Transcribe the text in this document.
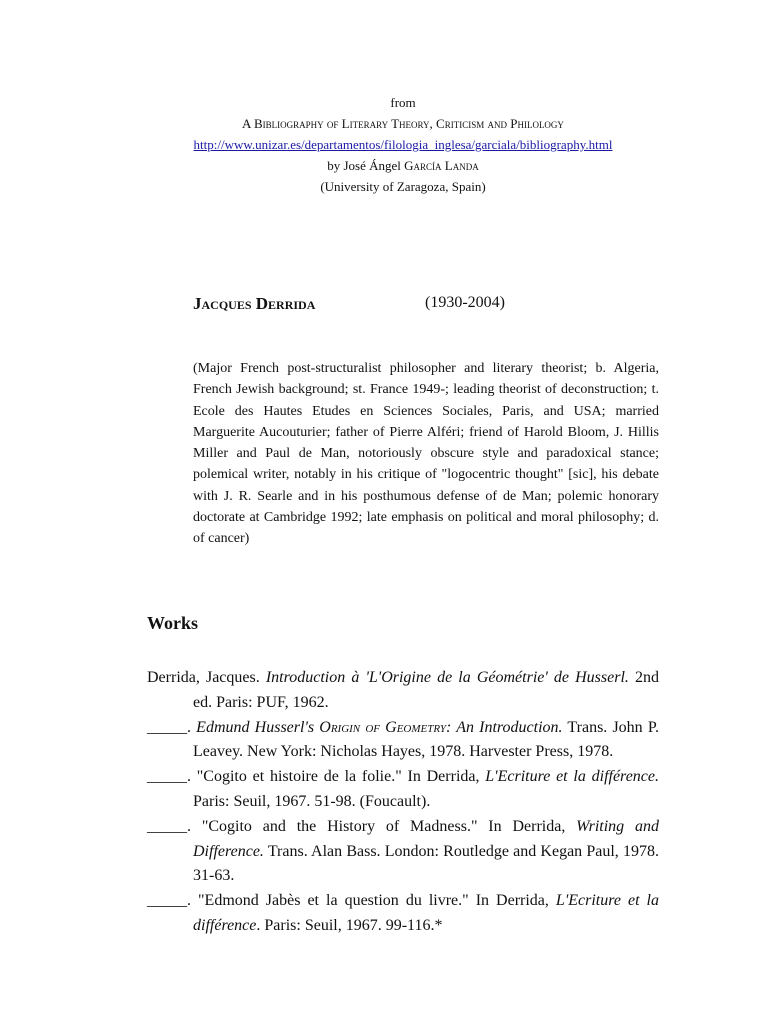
from
A Bibliography of Literary Theory, Criticism and Philology
http://www.unizar.es/departamentos/filologia_inglesa/garciala/bibliography.html
by José Ángel García Landa
(University of Zaragoza, Spain)
Jacques Derrida	(1930-2004)
(Major French post-structuralist philosopher and literary theorist; b. Algeria, French Jewish background; st. France 1949-; leading theorist of deconstruction; t. Ecole des Hautes Etudes en Sciences Sociales, Paris, and USA; married Marguerite Aucouturier; father of Pierre Alféri; friend of Harold Bloom, J. Hillis Miller and Paul de Man, notoriously obscure style and paradoxical stance; polemical writer, notably in his critique of "logocentric thought" [sic], his debate with J. R. Searle and in his posthumous defense of de Man; polemic honorary doctorate at Cambridge 1992; late emphasis on political and moral philosophy; d. of cancer)
Works
Derrida, Jacques. Introduction à 'L'Origine de la Géométrie' de Husserl. 2nd ed. Paris: PUF, 1962.
_____. Edmund Husserl's Origin of Geometry: An Introduction. Trans. John P. Leavey. New York: Nicholas Hayes, 1978. Harvester Press, 1978.
_____. "Cogito et histoire de la folie." In Derrida, L'Ecriture et la différence. Paris: Seuil, 1967. 51-98. (Foucault).
_____. "Cogito and the History of Madness." In Derrida, Writing and Difference. Trans. Alan Bass. London: Routledge and Kegan Paul, 1978. 31-63.
_____. "Edmond Jabès et la question du livre." In Derrida, L'Ecriture et la différence. Paris: Seuil, 1967. 99-116.*
